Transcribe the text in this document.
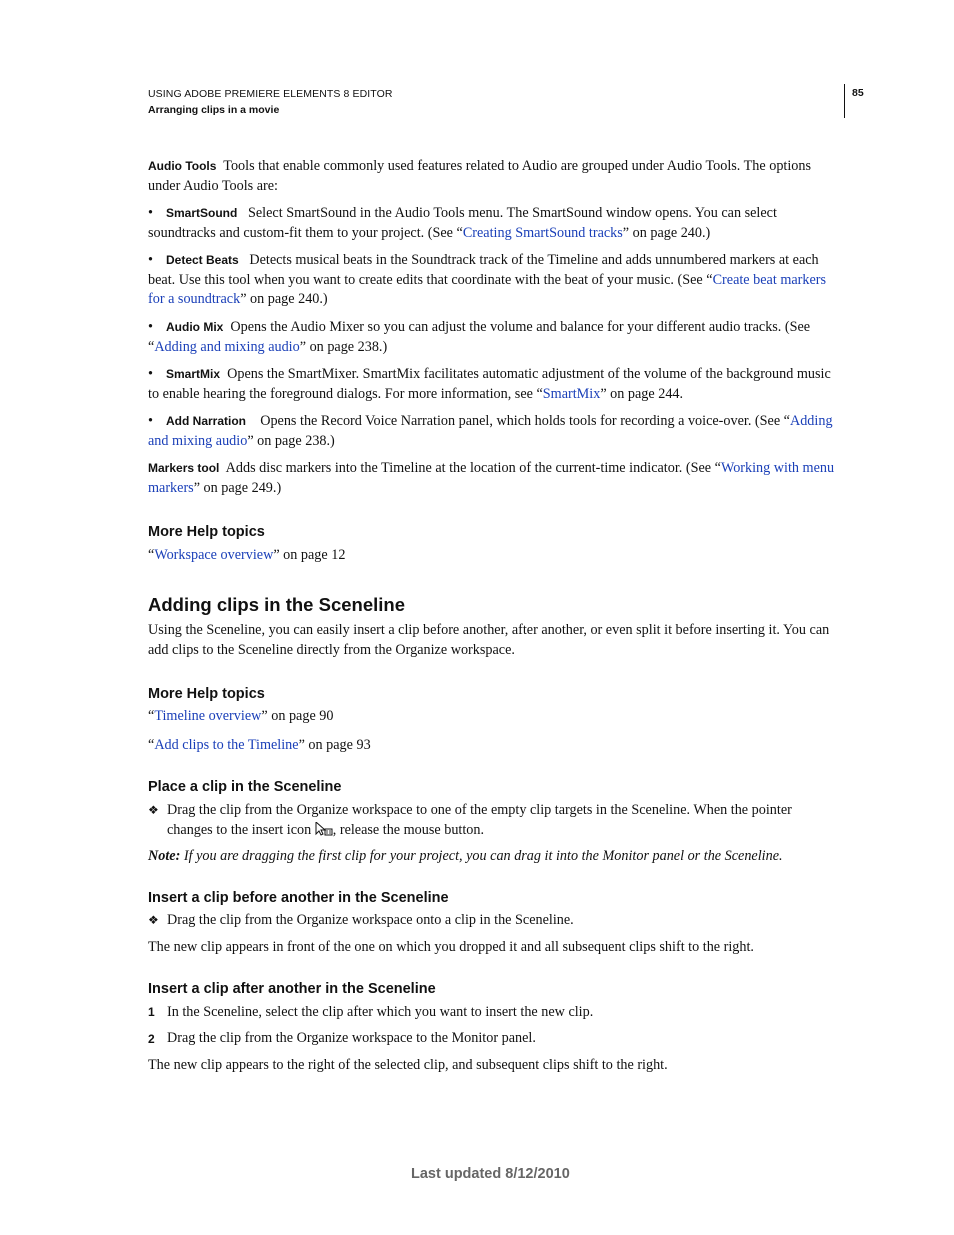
USING ADOBE PREMIERE ELEMENTS 8 EDITOR
Arranging clips in a movie
85
Audio Tools Tools that enable commonly used features related to Audio are grouped under Audio Tools. The options under Audio Tools are:
• SmartSound Select SmartSound in the Audio Tools menu. The SmartSound window opens. You can select soundtracks and custom-fit them to your project. (See “Creating SmartSound tracks” on page 240.)
• Detect Beats Detects musical beats in the Soundtrack track of the Timeline and adds unnumbered markers at each beat. Use this tool when you want to create edits that coordinate with the beat of your music. (See “Create beat markers for a soundtrack” on page 240.)
• Audio Mix Opens the Audio Mixer so you can adjust the volume and balance for your different audio tracks. (See “Adding and mixing audio” on page 238.)
• SmartMix Opens the SmartMixer. SmartMix facilitates automatic adjustment of the volume of the background music to enable hearing the foreground dialogs. For more information, see “SmartMix” on page 244.
• Add Narration Opens the Record Voice Narration panel, which holds tools for recording a voice-over. (See “Adding and mixing audio” on page 238.)
Markers tool Adds disc markers into the Timeline at the location of the current-time indicator. (See “Working with menu markers” on page 249.)
More Help topics
“Workspace overview” on page 12
Adding clips in the Sceneline
Using the Sceneline, you can easily insert a clip before another, after another, or even split it before inserting it. You can add clips to the Sceneline directly from the Organize workspace.
More Help topics
“Timeline overview” on page 90
“Add clips to the Timeline” on page 93
Place a clip in the Sceneline
❖ Drag the clip from the Organize workspace to one of the empty clip targets in the Sceneline. When the pointer changes to the insert icon , release the mouse button.
Note: If you are dragging the first clip for your project, you can drag it into the Monitor panel or the Sceneline.
Insert a clip before another in the Sceneline
❖ Drag the clip from the Organize workspace onto a clip in the Sceneline.
The new clip appears in front of the one on which you dropped it and all subsequent clips shift to the right.
Insert a clip after another in the Sceneline
1 In the Sceneline, select the clip after which you want to insert the new clip.
2 Drag the clip from the Organize workspace to the Monitor panel.
The new clip appears to the right of the selected clip, and subsequent clips shift to the right.
Last updated 8/12/2010
